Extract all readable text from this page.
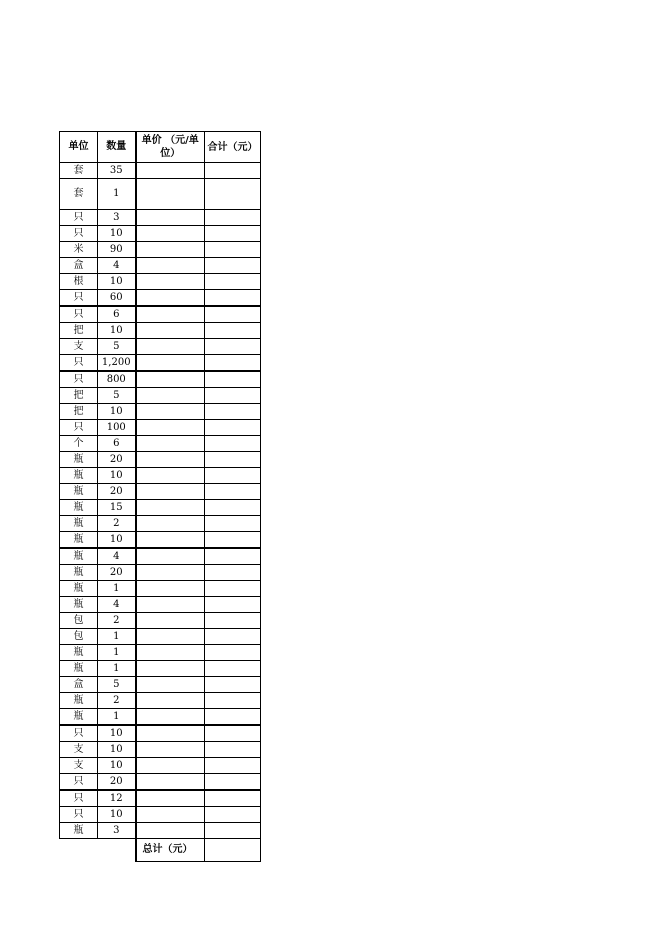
单位	数量	单价 （元/单位）	合计（元）
套	35		
套	1		
只	3		
只	10		
米	90		
盒	4		
根	10		
只	60		
只	6		
把	10		
支	5		
只	1,200		
只	800		
把	5		
把	10		
只	100		
个	6		
瓶	20		
瓶	10		
瓶	20		
瓶	15		
瓶	2		
瓶	10		
瓶	4		
瓶	20		
瓶	1		
瓶	4		
包	2		
包	1		
瓶	1		
瓶	1		
盒	5		
瓶	2		
瓶	1		
只	10		
支	10		
支	10		
只	20		
只	12		
只	10		
瓶	3		
		总计（元）	
